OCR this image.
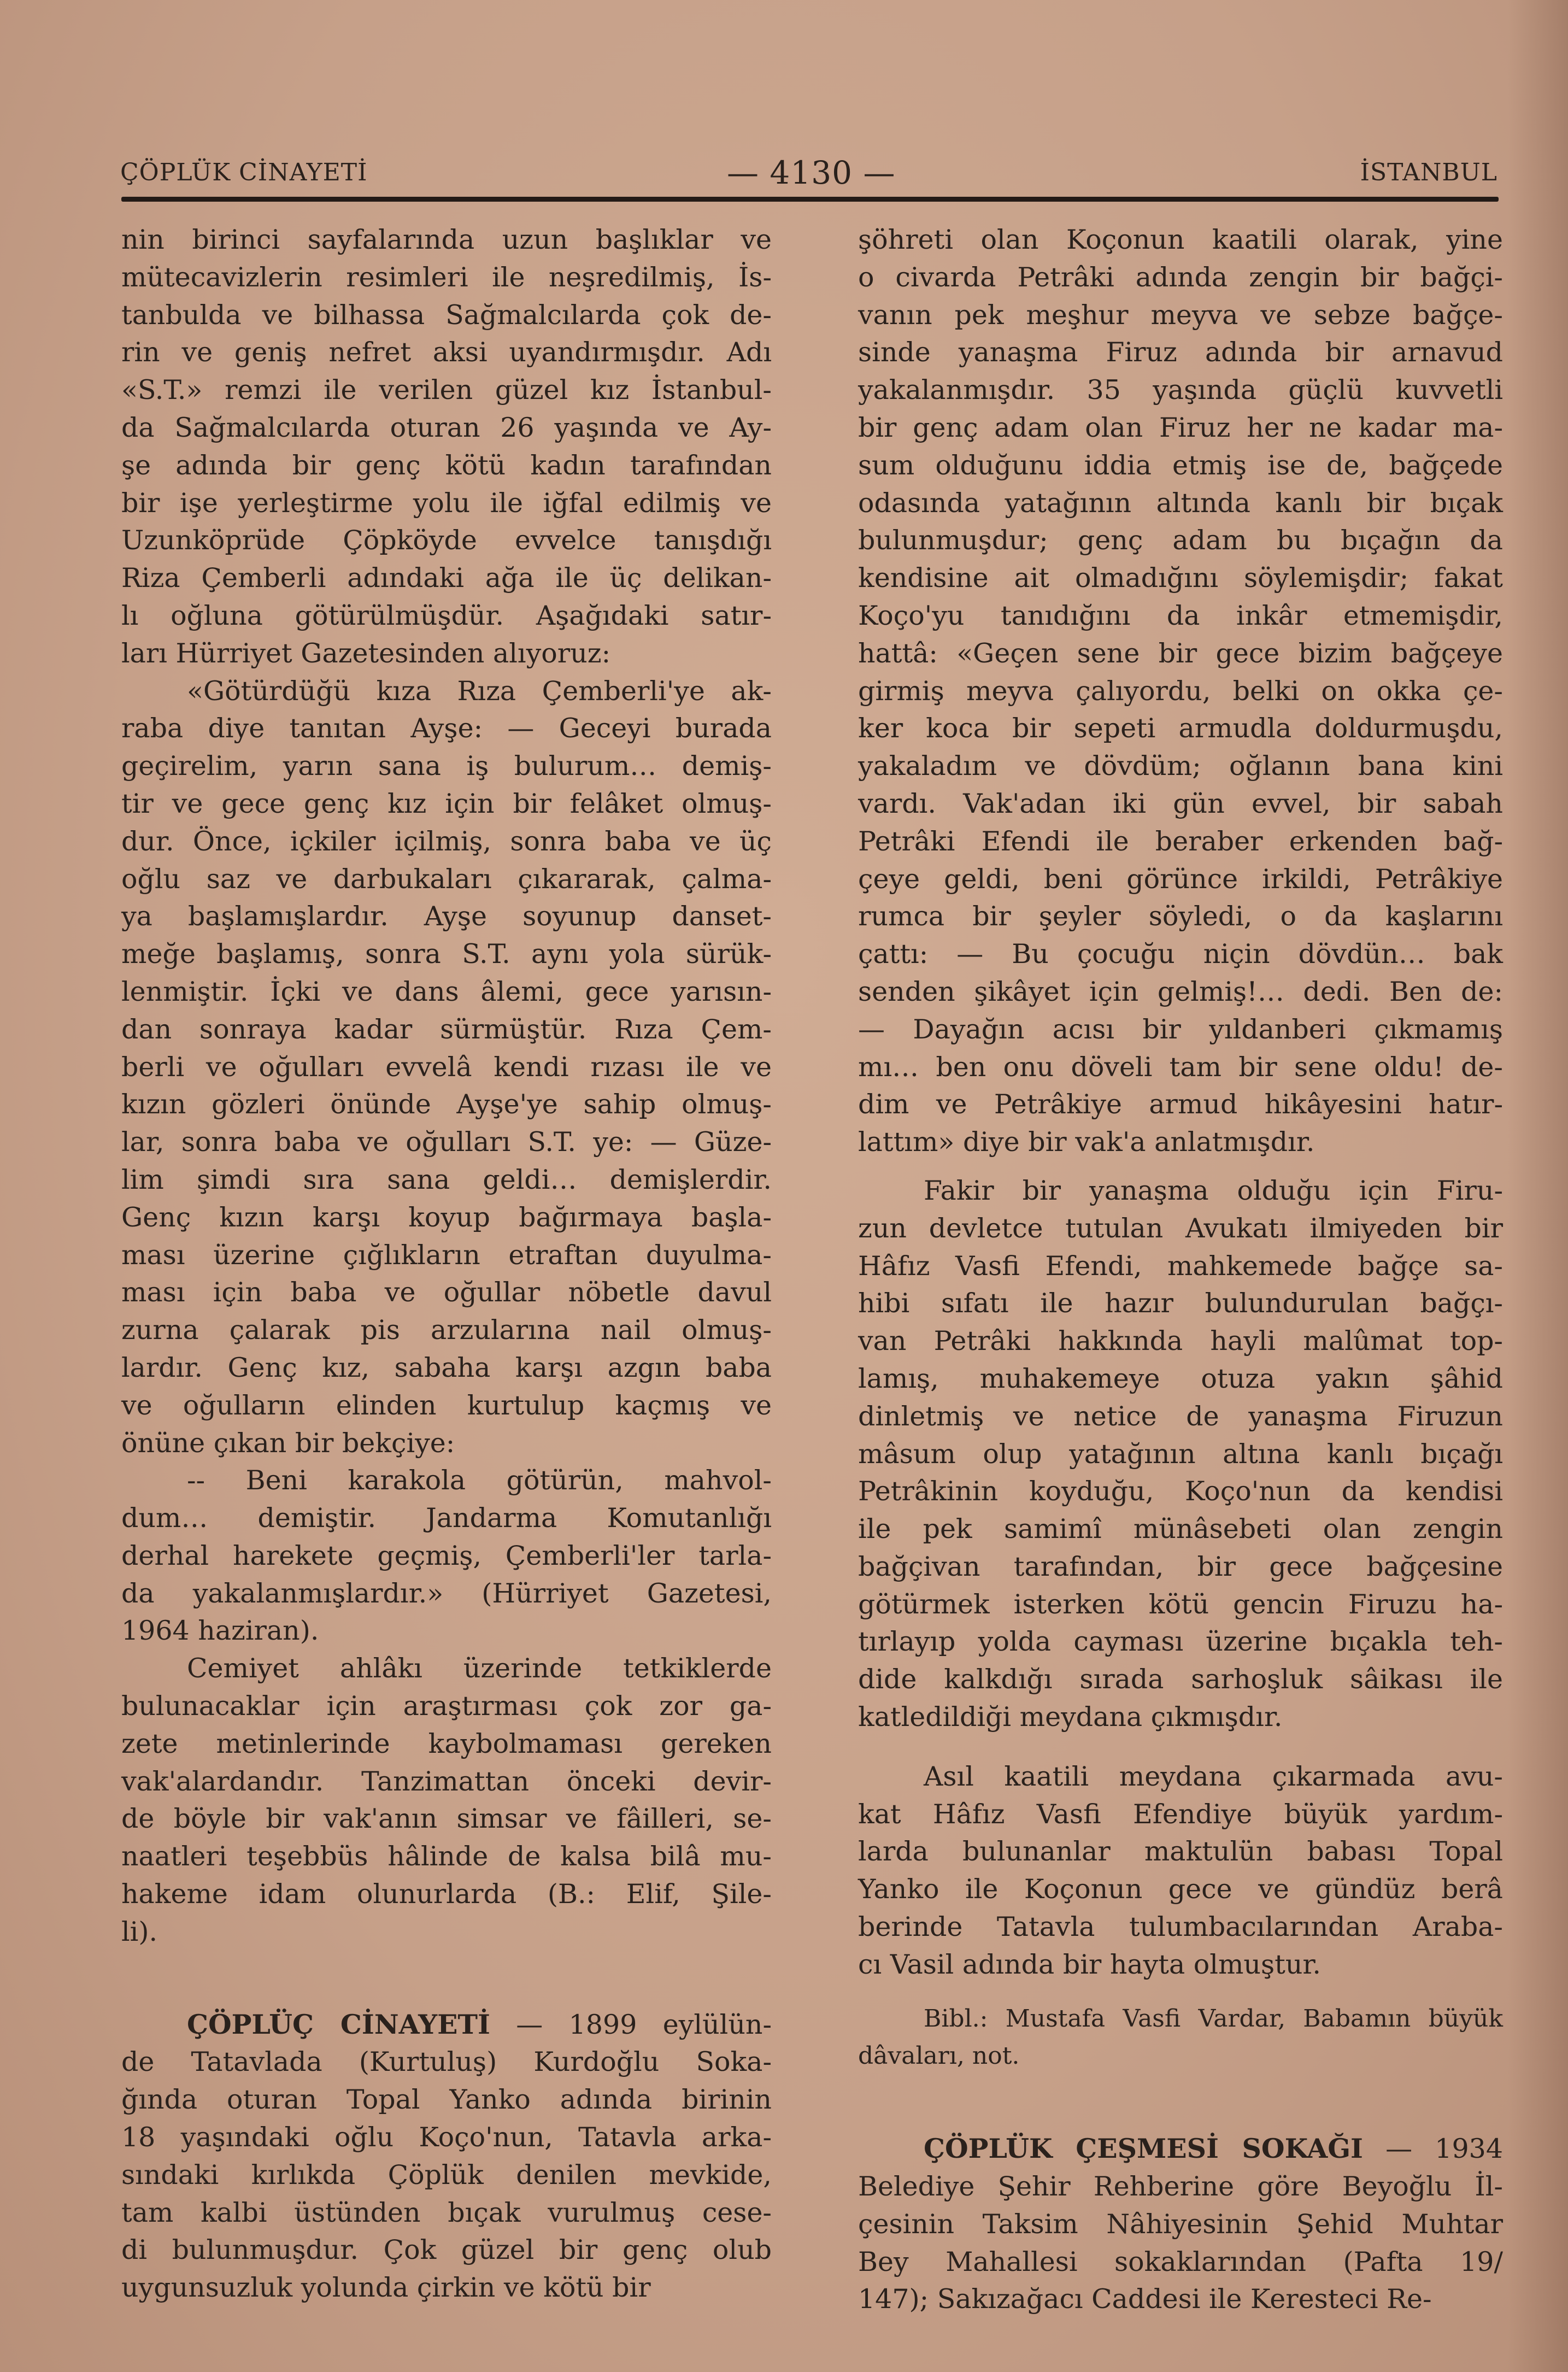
ÇÖPLÜK CİNAYETİ	— 4130 —	İSTANBUL
nin birinci sayfalarında uzun başlıklar ve
mütecavizlerin resimleri ile neşredilmiş, İs-
tanbulda ve bilhassa Sağmalcılarda çok de-
rin ve geniş nefret aksi uyandırmışdır. Adı
«S.T.» remzi ile verilen güzel kız İstanbul-
da Sağmalcılarda oturan 26 yaşında ve Ay-
şe adında bir genç kötü kadın tarafından
bir işe yerleştirme yolu ile iğfal edilmiş ve
Uzunköprüde Çöpköyde evvelce tanışdığı
Riza Çemberli adındaki ağa ile üç delikan-
lı oğluna götürülmüşdür. Aşağıdaki satır-
ları Hürriyet Gazetesinden alıyoruz:
«Götürdüğü kıza Rıza Çemberli'ye ak-
raba diye tanıtan Ayşe: — Geceyi burada
geçirelim, yarın sana iş bulurum… demiş-
tir ve gece genç kız için bir felâket olmuş-
dur. Önce, içkiler içilmiş, sonra baba ve üç
oğlu saz ve darbukaları çıkararak, çalma-
ya başlamışlardır. Ayşe soyunup danset-
meğe başlamış, sonra S.T. aynı yola sürük-
lenmiştir. İçki ve dans âlemi, gece yarısın-
dan sonraya kadar sürmüştür. Rıza Çem-
berli ve oğulları evvelâ kendi rızası ile ve
kızın gözleri önünde Ayşe'ye sahip olmuş-
lar, sonra baba ve oğulları S.T. ye: — Güze-
lim şimdi sıra sana geldi… demişlerdir.
Genç kızın karşı koyup bağırmaya başla-
ması üzerine çığlıkların etraftan duyulma-
ması için baba ve oğullar nöbetle davul
zurna çalarak pis arzularına nail olmuş-
lardır. Genç kız, sabaha karşı azgın baba
ve oğulların elinden kurtulup kaçmış ve
önüne çıkan bir bekçiye:
-- Beni karakola götürün, mahvol-
dum… demiştir. Jandarma Komutanlığı
derhal harekete geçmiş, Çemberli'ler tarla-
da yakalanmışlardır.» (Hürriyet Gazetesi,
1964 haziran).
Cemiyet ahlâkı üzerinde tetkiklerde
bulunacaklar için araştırması çok zor ga-
zete metinlerinde kaybolmaması gereken
vak'alardandır. Tanzimattan önceki devir-
de böyle bir vak'anın simsar ve fâilleri, se-
naatleri teşebbüs hâlinde de kalsa bilâ mu-
hakeme idam olunurlarda (B.: Elif, Şile-
li).
ÇÖPLÜÇ CİNAYETİ — 1899 eylülün-
de Tatavlada (Kurtuluş) Kurdoğlu Soka-
ğında oturan Topal Yanko adında birinin
18 yaşındaki oğlu Koço'nun, Tatavla arka-
sındaki kırlıkda Çöplük denilen mevkide,
tam kalbi üstünden bıçak vurulmuş cese-
di bulunmuşdur. Çok güzel bir genç olub
uygunsuzluk yolunda çirkin ve kötü bir
şöhreti olan Koçonun kaatili olarak, yine
o civarda Petrâki adında zengin bir bağçi-
vanın pek meşhur meyva ve sebze bağçe-
sinde yanaşma Firuz adında bir arnavud
yakalanmışdır. 35 yaşında güçlü kuvvetli
bir genç adam olan Firuz her ne kadar ma-
sum olduğunu iddia etmiş ise de, bağçede
odasında yatağının altında kanlı bir bıçak
bulunmuşdur; genç adam bu bıçağın da
kendisine ait olmadığını söylemişdir; fakat
Koço'yu tanıdığını da inkâr etmemişdir,
hattâ: «Geçen sene bir gece bizim bağçeye
girmiş meyva çalıyordu, belki on okka çe-
ker koca bir sepeti armudla doldurmuşdu,
yakaladım ve dövdüm; oğlanın bana kini
vardı. Vak'adan iki gün evvel, bir sabah
Petrâki Efendi ile beraber erkenden bağ-
çeye geldi, beni görünce irkildi, Petrâkiye
rumca bir şeyler söyledi, o da kaşlarını
çattı: — Bu çocuğu niçin dövdün… bak
senden şikâyet için gelmiş!… dedi. Ben de:
— Dayağın acısı bir yıldanberi çıkmamış
mı… ben onu döveli tam bir sene oldu! de-
dim ve Petrâkiye armud hikâyesini hatır-
lattım» diye bir vak'a anlatmışdır.
Fakir bir yanaşma olduğu için Firu-
zun devletce tutulan Avukatı ilmiyeden bir
Hâfız Vasfi Efendi, mahkemede bağçe sa-
hibi sıfatı ile hazır bulundurulan bağçı-
van Petrâki hakkında hayli malûmat top-
lamış, muhakemeye otuza yakın şâhid
dinletmiş ve netice de yanaşma Firuzun
mâsum olup yatağının altına kanlı bıçağı
Petrâkinin koyduğu, Koço'nun da kendisi
ile pek samimî münâsebeti olan zengin
bağçivan tarafından, bir gece bağçesine
götürmek isterken kötü gencin Firuzu ha-
tırlayıp yolda cayması üzerine bıçakla teh-
dide kalkdığı sırada sarhoşluk sâikası ile
katledildiği meydana çıkmışdır.
Asıl kaatili meydana çıkarmada avu-
kat Hâfız Vasfi Efendiye büyük yardım-
larda bulunanlar maktulün babası Topal
Yanko ile Koçonun gece ve gündüz berâ
berinde Tatavla tulumbacılarından Araba-
cı Vasil adında bir hayta olmuştur.
Bibl.: Mustafa Vasfi Vardar, Babamın büyük
dâvaları, not.
ÇÖPLÜK ÇEŞMESİ SOKAĞI — 1934
Belediye Şehir Rehberine göre Beyoğlu İl-
çesinin Taksim Nâhiyesinin Şehid Muhtar
Bey Mahallesi sokaklarından (Pafta 19/
147); Sakızağacı Caddesi ile Keresteci Re-
